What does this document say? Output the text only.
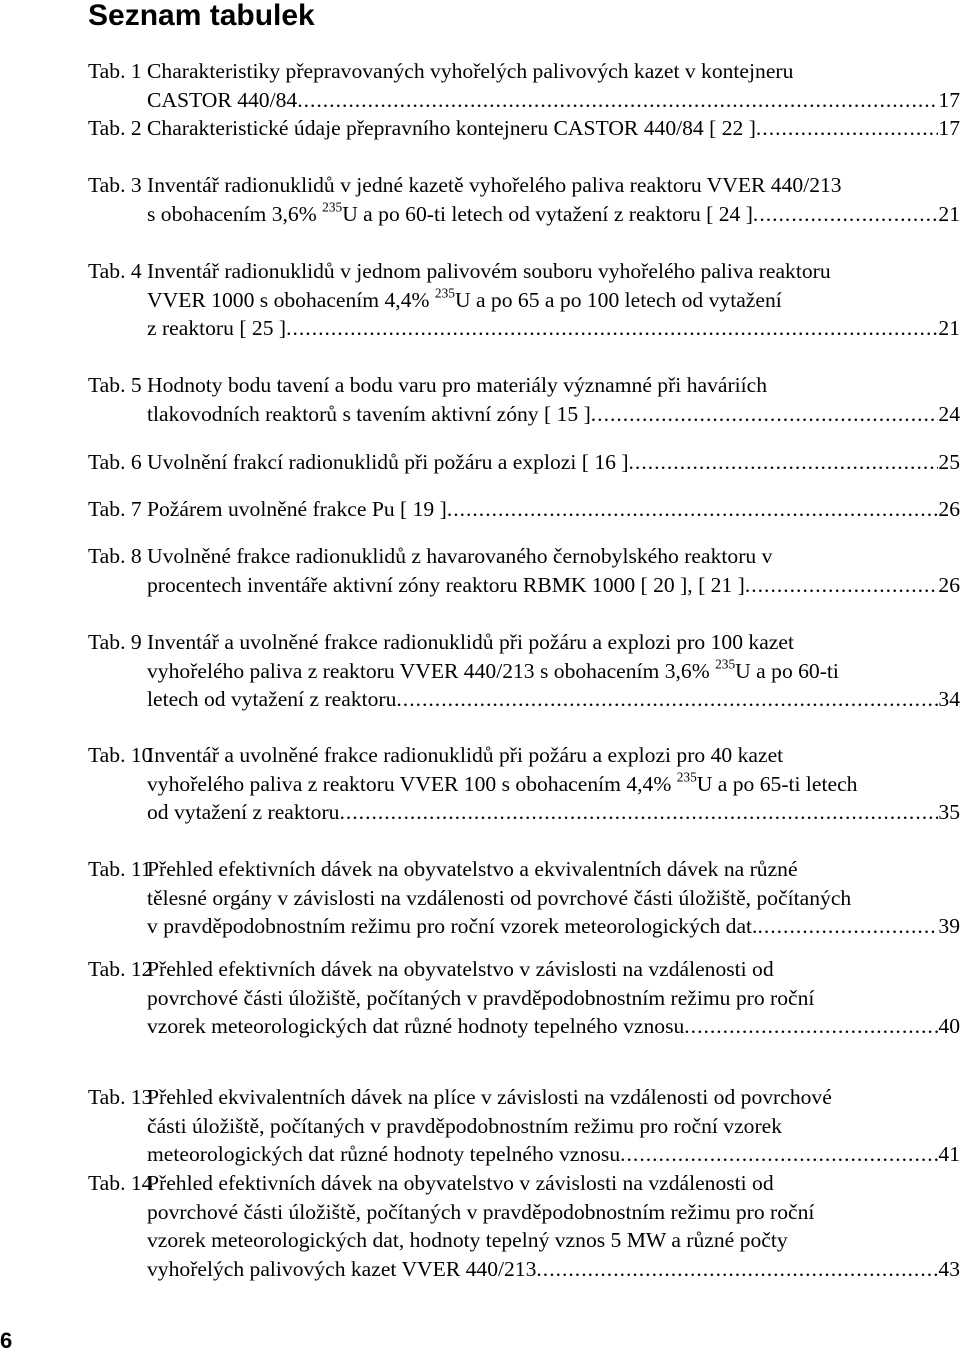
Seznam tabulek
Tab. 1 Charakteristiky přepravovaných vyhořelých palivových kazet v kontejneru
CASTOR 440/84 .....	17
Tab. 2 Charakteristické údaje přepravního kontejneru CASTOR 440/84 [ 22 ] .....	17
Tab. 3 Inventář radionuklidů v jedné kazetě vyhořelého paliva reaktoru VVER 440/213
s obohacením 3,6% $^{235}$U a po 60-ti letech od vytažení z reaktoru [ 24 ] .....	21
Tab. 4 Inventář radionuklidů v jednom palivovém souboru vyhořelého paliva reaktoru
VVER 1000 s obohacením 4,4% $^{235}$U a po 65 a po 100 letech od vytažení
z reaktoru [ 25 ] .....	21
Tab. 5 Hodnoty bodu tavení a bodu varu pro materiály významné při haváriích
tlakovodních reaktorů s tavením aktivní zóny [ 15 ] .....	24
Tab. 6 Uvolnění frakcí radionuklidů při požáru a explozi [ 16 ] .....	25
Tab. 7 Požárem uvolněné frakce Pu [ 19 ] .....	26
Tab. 8 Uvolněné frakce radionuklidů z havarovaného černobylského reaktoru v
procentech inventáře aktivní zóny reaktoru RBMK 1000 [ 20 ], [ 21 ] .....	26
Tab. 9 Inventář a uvolněné frakce radionuklidů při požáru a explozi pro 100 kazet
vyhořelého paliva z reaktoru VVER 440/213 s obohacením 3,6% $^{235}$U a po 60-ti
letech od vytažení z reaktoru .....	34
Tab. 10
Inventář a uvolněné frakce radionuklidů při požáru a explozi pro 40 kazet
vyhořelého paliva z reaktoru VVER 100 s obohacením 4,4% $^{235}$U a po 65-ti letech
od vytažení z reaktoru .....	35
Tab. 11
Přehled efektivních dávek na obyvatelstvo a ekvivalentních dávek na různé
tělesné orgány v závislosti na vzdálenosti od povrchové části úložiště, počítaných
v pravděpodobnostním režimu pro roční vzorek meteorologických dat. .....	39
Tab. 12
Přehled efektivních dávek na obyvatelstvo v závislosti na vzdálenosti od
povrchové části úložiště, počítaných v pravděpodobnostním režimu pro roční
vzorek meteorologických dat různé hodnoty tepelného vznosu .....	40
Tab. 13
Přehled ekvivalentních dávek na plíce v závislosti na vzdálenosti od povrchové
části úložiště, počítaných v pravděpodobnostním režimu pro roční vzorek
meteorologických dat různé hodnoty tepelného vznosu .....	41
Tab. 14
Přehled efektivních dávek na obyvatelstvo v závislosti na vzdálenosti od
povrchové části úložiště, počítaných v pravděpodobnostním režimu pro roční
vzorek meteorologických dat, hodnoty tepelný vznos 5 MW a různé počty
vyhořelých palivových kazet VVER 440/213 .....	43
6
